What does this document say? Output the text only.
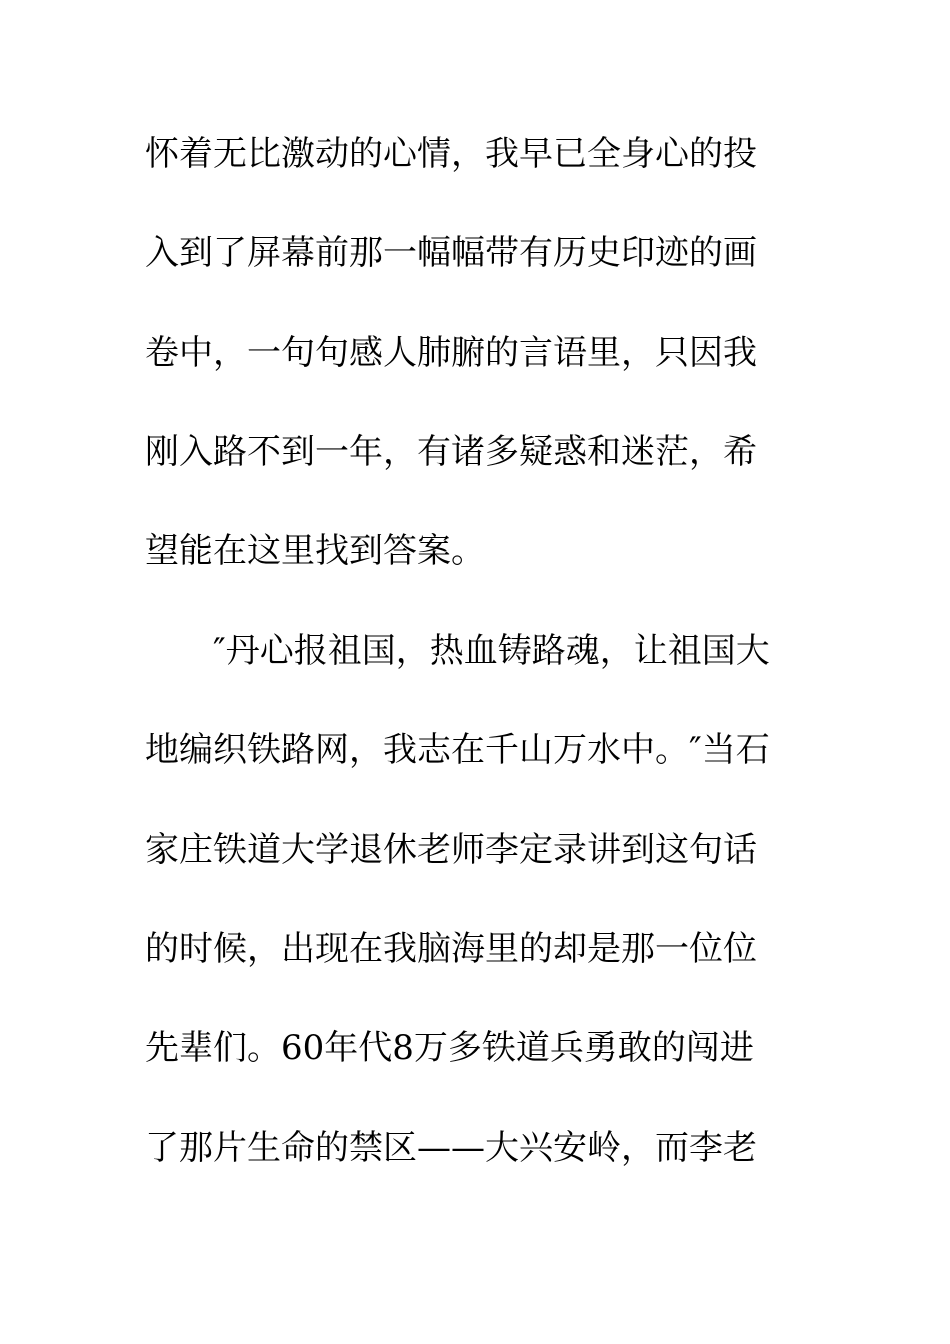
怀着无比激动的心情，我早已全身心的投

入到了屏幕前那一幅幅带有历史印迹的画

卷中，一句句感人肺腑的言语里，只因我

刚入路不到一年，有诸多疑惑和迷茫，希

望能在这里找到答案。

″丹心报祖国，热血铸路魂，让祖国大

地编织铁路网，我志在千山万水中。″当石

家庄铁道大学退休老师李定录讲到这句话

的时候，出现在我脑海里的却是那一位位

先辈们。60年代8万多铁道兵勇敢的闯进

了那片生命的禁区——大兴安岭，而李老
